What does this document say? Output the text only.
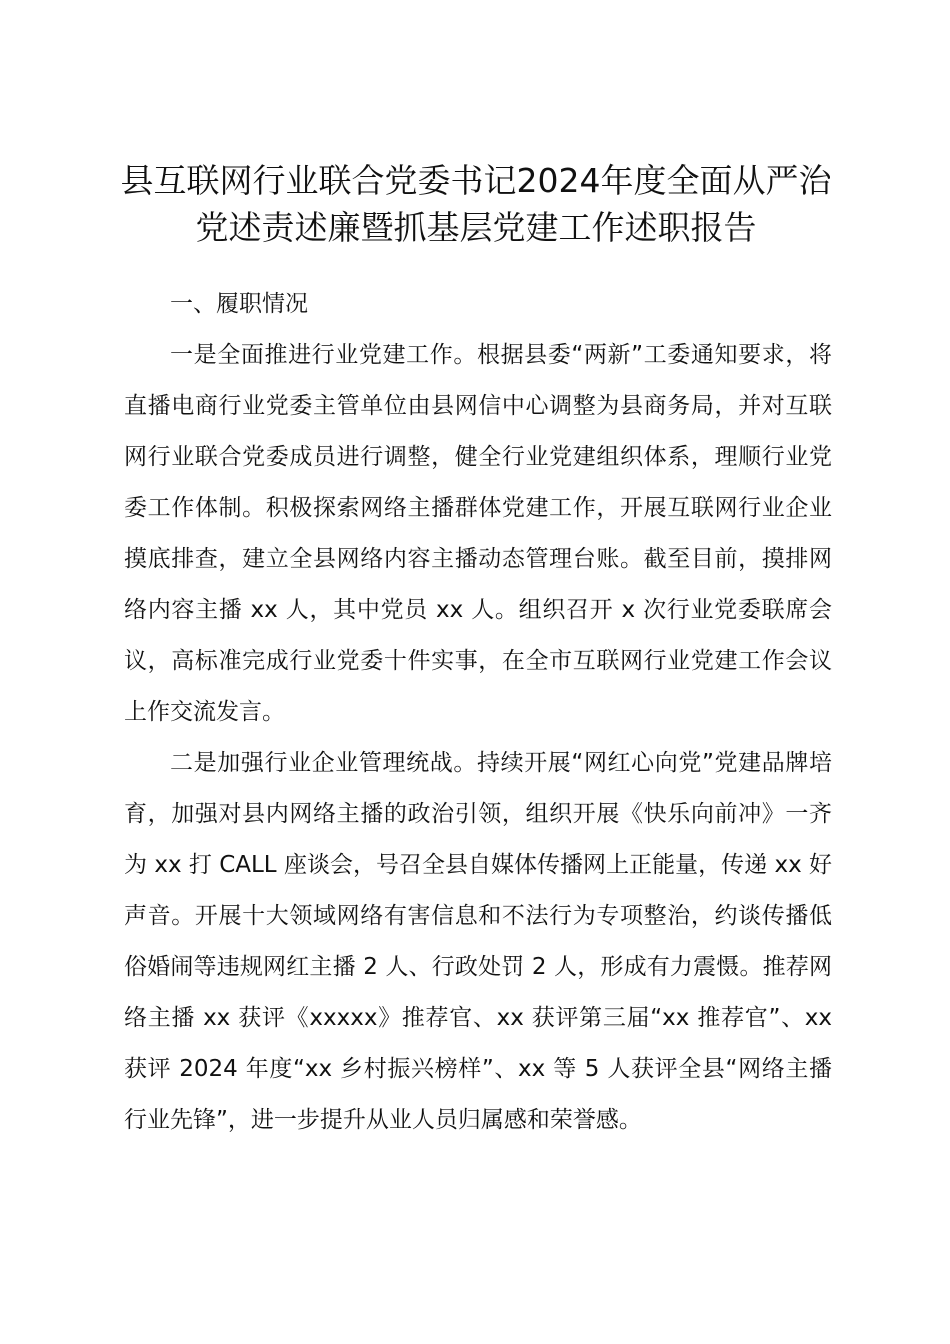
县互联网行业联合党委书记2024年度全面从严治党述责述廉暨抓基层党建工作述职报告

一、履职情况

一是全面推进行业党建工作。根据县委“两新”工委通知要求，将直播电商行业党委主管单位由县网信中心调整为县商务局，并对互联网行业联合党委成员进行调整，健全行业党建组织体系，理顺行业党委工作体制。积极探索网络主播群体党建工作，开展互联网行业企业摸底排查，建立全县网络内容主播动态管理台账。截至目前，摸排网络内容主播 xx 人，其中党员 xx 人。组织召开 x 次行业党委联席会议，高标准完成行业党委十件实事，在全市互联网行业党建工作会议上作交流发言。

二是加强行业企业管理统战。持续开展“网红心向党”党建品牌培育，加强对县内网络主播的政治引领，组织开展《快乐向前冲》一齐为 xx 打 CALL 座谈会，号召全县自媒体传播网上正能量，传递 xx 好声音。开展十大领域网络有害信息和不法行为专项整治，约谈传播低俗婚闹等违规网红主播 2 人、行政处罚 2 人，形成有力震慑。推荐网络主播 xx 获评《xxxxx》推荐官、xx 获评第三届“xx 推荐官”、xx 获评 2024 年度“xx 乡村振兴榜样”、xx 等 5 人获评全县“网络主播行业先锋”，进一步提升从业人员归属感和荣誉感。
